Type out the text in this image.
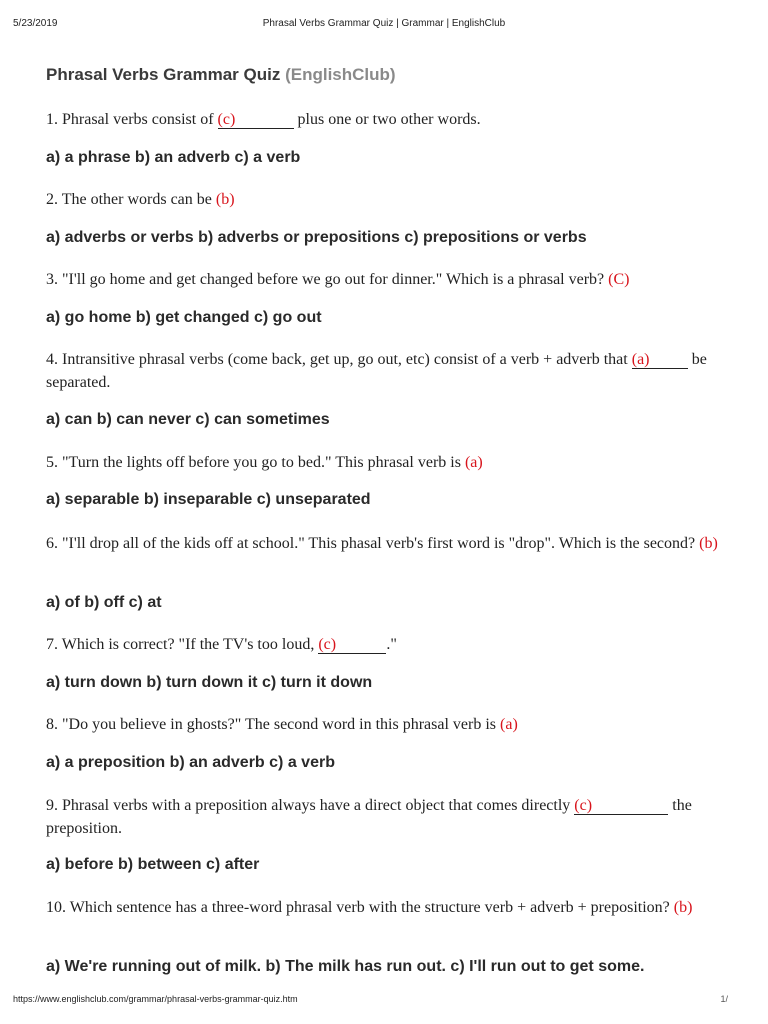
5/23/2019	Phrasal Verbs Grammar Quiz | Grammar | EnglishClub
Phrasal Verbs Grammar Quiz (EnglishClub)
1. Phrasal verbs consist of (c)	plus one or two other words.
a) a phrase b) an adverb c) a verb
2. The other words can be (b)
a) adverbs or verbs b) adverbs or prepositions c) prepositions or verbs
3. "I'll go home and get changed before we go out for dinner." Which is a phrasal verb? (C)
a) go home b) get changed c) go out
4. Intransitive phrasal verbs (come back, get up, go out, etc) consist of a verb + adverb that (a) be separated.
a) can b) can never c) can sometimes
5. "Turn the lights off before you go to bed." This phrasal verb is (a)
a) separable b) inseparable c) unseparated
6. "I'll drop all of the kids off at school." This phasal verb's first word is "drop". Which is the second? (b)
a) of b) off c) at
7. Which is correct? "If the TV's too loud, (c)	."
a) turn down b) turn down it c) turn it down
8. "Do you believe in ghosts?" The second word in this phrasal verb is (a)
a) a preposition b) an adverb c) a verb
9. Phrasal verbs with a preposition always have a direct object that comes directly (c)	the preposition.
a) before b) between c) after
10. Which sentence has a three-word phrasal verb with the structure verb + adverb + preposition? (b)
a) We're running out of milk. b) The milk has run out. c) I'll run out to get some.
https://www.englishclub.com/grammar/phrasal-verbs-grammar-quiz.htm	1/
